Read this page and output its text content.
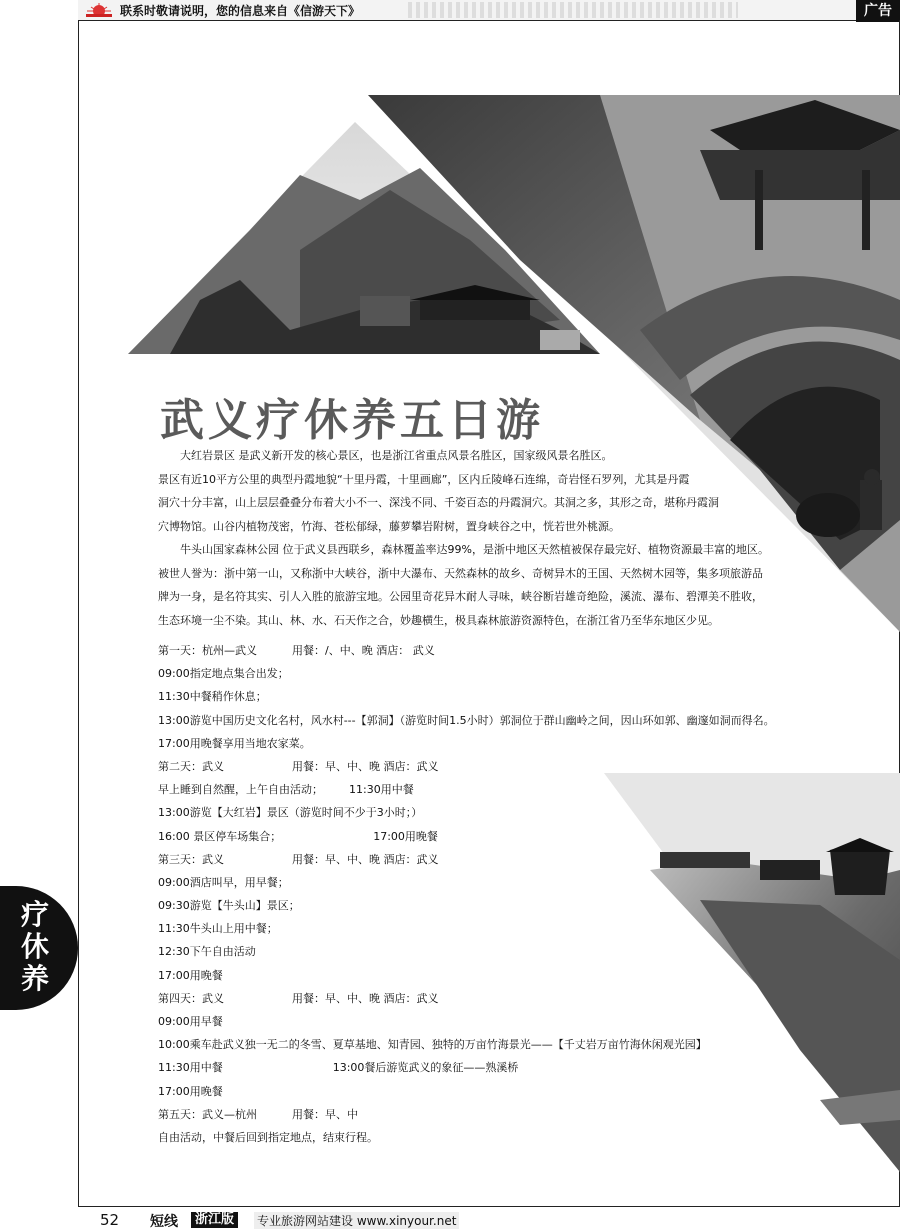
联系时敬请说明，您的信息来自《信游天下》	广告
武义疗休养五日游

大红岩景区 是武义新开发的核心景区，也是浙江省重点风景名胜区，国家级风景名胜区。

景区有近10平方公里的典型丹霞地貌“十里丹霞，十里画廊”，区内丘陵峰石连绵，奇岩怪石罗列，尤其是丹霞

洞穴十分丰富，山上层层叠叠分布着大小不一、深浅不同、千姿百态的丹霞洞穴。其洞之多，其形之奇，堪称丹霞洞

穴博物馆。山谷内植物茂密，竹海、苍松郁绿，藤萝攀岩附树，置身峡谷之中，恍若世外桃源。

牛头山国家森林公园 位于武义县西联乡，森林覆盖率达99%，是浙中地区天然植被保存最完好、植物资源最丰富的地区。

被世人誉为：浙中第一山，又称浙中大峡谷，浙中大瀑布、天然森林的故乡、奇树异木的王国、天然树木园等，集多项旅游品

牌为一身，是名符其实、引人入胜的旅游宝地。公园里奇花异木耐人寻味，峡谷断岩雄奇绝险，溪流、瀑布、碧潭美不胜收，

生态环境一尘不染。其山、林、水、石天作之合，妙趣横生，极具森林旅游资源特色，在浙江省乃至华东地区少见。

第一天：杭州—武义	用餐：/、中、晚 酒店： 武义
09:00指定地点集合出发；
11:30中餐稍作休息；
13:00游览中国历史文化名村，风水村---【郭洞】（游览时间1.5小时）郭洞位于群山幽岭之间，因山环如郭、幽邃如洞而得名。
17:00用晚餐享用当地农家菜。
第二天：武义	用餐：早、中、晚 酒店：武义
早上睡到自然醒，上午自由活动； 11:30用中餐
13:00游览【大红岩】景区（游览时间不少于3小时；）
16:00 景区停车场集合；	17:00用晚餐
第三天：武义	用餐：早、中、晚 酒店：武义
09:00酒店叫早，用早餐；
09:30游览【牛头山】景区；
11:30牛头山上用中餐；
12:30下午自由活动
17:00用晚餐
第四天：武义	用餐：早、中、晚 酒店：武义
09:00用早餐
10:00乘车赴武义独一无二的冬雪、夏草基地、知青园、独特的万亩竹海景光——【千丈岩万亩竹海休闲观光园】
11:30用中餐	13:00餐后游览武义的象征——熟溪桥
17:00用晚餐
第五天：武义—杭州	用餐：早、中
自由活动，中餐后回到指定地点，结束行程。
疗
休
养
52 短线	浙江版	专业旅游网站建设 www.xinyour.net
